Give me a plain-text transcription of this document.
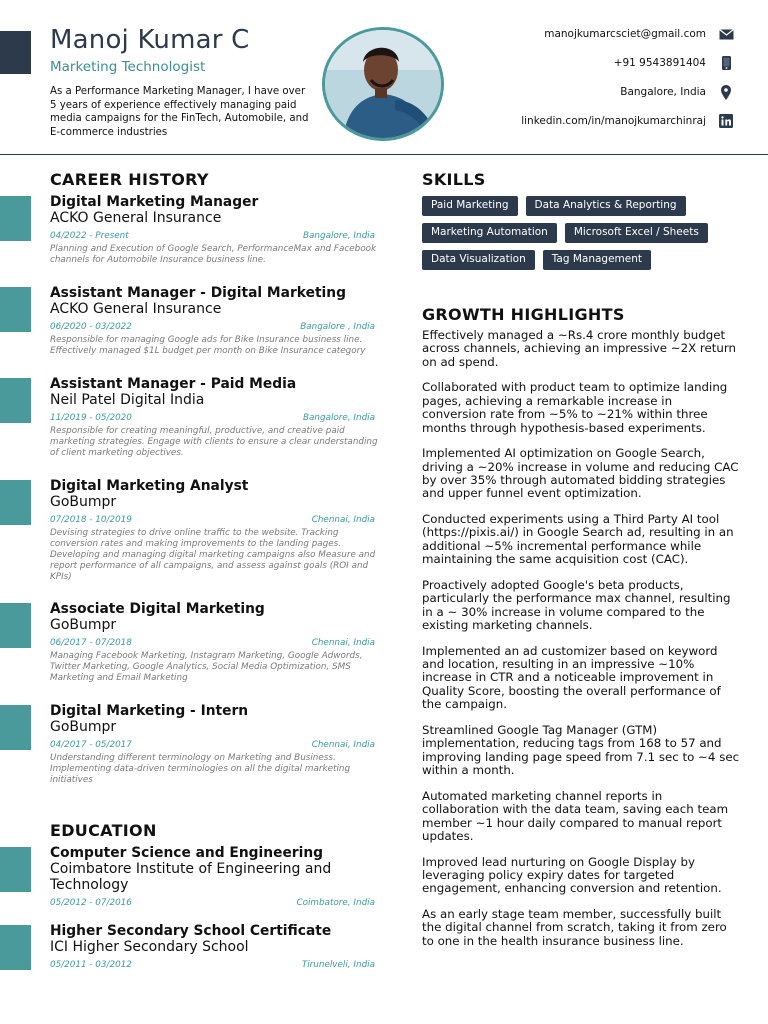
Manoj Kumar C
Marketing Technologist
As a Performance Marketing Manager, I have over 5 years of experience effectively managing paid media campaigns for the FinTech, Automobile, and E-commerce industries
manojkumarcsciet@gmail.com
+91 9543891404
Bangalore, India
linkedin.com/in/manojkumarchinraj
CAREER HISTORY
Digital Marketing Manager
ACKO General Insurance
04/2022 - Present	Bangalore, India
Planning and Execution of Google Search, PerformanceMax and Facebook channels for Automobile Insurance business line.
Assistant Manager - Digital Marketing
ACKO General Insurance
06/2020 - 03/2022	Bangalore , India
Responsible for managing Google ads for Bike Insurance business line. Effectively managed $1L budget per month on Bike Insurance category
Assistant Manager - Paid Media
Neil Patel Digital India
11/2019 - 05/2020	Bangalore, India
Responsible for creating meaningful, productive, and creative paid marketing strategies. Engage with clients to ensure a clear understanding of client marketing objectives.
Digital Marketing Analyst
GoBumpr
07/2018 - 10/2019	Chennai, India
Devising strategies to drive online traffic to the website. Tracking conversion rates and making improvements to the landing pages. Developing and managing digital marketing campaigns also Measure and report performance of all campaigns, and assess against goals (ROI and KPIs)
Associate Digital Marketing
GoBumpr
06/2017 - 07/2018	Chennai, India
Managing Facebook Marketing, Instagram Marketing, Google Adwords, Twitter Marketing, Google Analytics, Social Media Optimization, SMS Marketing and Email Marketing
Digital Marketing - Intern
GoBumpr
04/2017 - 05/2017	Chennai, India
Understanding different terminology on Marketing and Business. Implementing data-driven terminologies on all the digital marketing initiatives
EDUCATION
Computer Science and Engineering
Coimbatore Institute of Engineering and Technology
05/2012 - 07/2016	Coimbatore, India
Higher Secondary School Certificate
ICI Higher Secondary School
05/2011 - 03/2012	Tirunelveli, India
SKILLS
Paid Marketing	Data Analytics & Reporting
Marketing Automation	Microsoft Excel / Sheets
Data Visualization	Tag Management
GROWTH HIGHLIGHTS

Effectively managed a ~Rs.4 crore monthly budget across channels, achieving an impressive ~2X return on ad spend.

Collaborated with product team to optimize landing pages, achieving a remarkable increase in conversion rate from ~5% to ~21% within three months through hypothesis-based experiments.

Implemented AI optimization on Google Search, driving a ~20% increase in volume and reducing CAC by over 35% through automated bidding strategies and upper funnel event optimization.

Conducted experiments using a Third Party AI tool (https://pixis.ai/) in Google Search ad, resulting in an additional ~5% incremental performance while maintaining the same acquisition cost (CAC).

Proactively adopted Google's beta products, particularly the performance max channel, resulting in a ~ 30% increase in volume compared to the existing marketing channels.

Implemented an ad customizer based on keyword and location, resulting in an impressive ~10% increase in CTR and a noticeable improvement in Quality Score, boosting the overall performance of the campaign.

Streamlined Google Tag Manager (GTM) implementation, reducing tags from 168 to 57 and improving landing page speed from 7.1 sec to ~4 sec within a month.

Automated marketing channel reports in collaboration with the data team, saving each team member ~1 hour daily compared to manual report updates.

Improved lead nurturing on Google Display by leveraging policy expiry dates for targeted engagement, enhancing conversion and retention.

As an early stage team member, successfully built the digital channel from scratch, taking it from zero to one in the health insurance business line.
